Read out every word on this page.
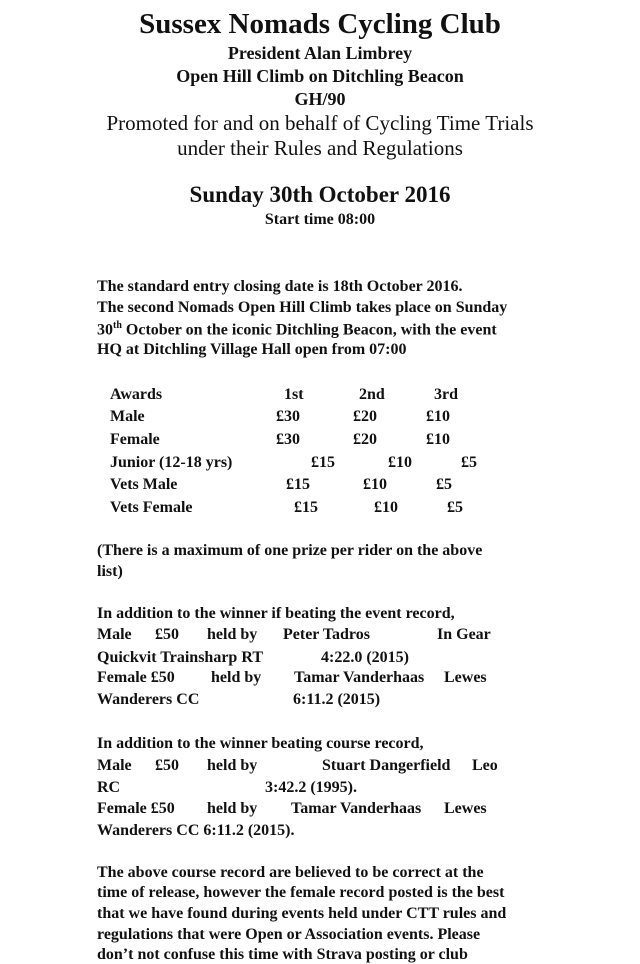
Sussex Nomads Cycling Club
President Alan Limbrey
Open Hill Climb on Ditchling Beacon
GH/90
Promoted for and on behalf of Cycling Time Trials
under their Rules and Regulations
Sunday 30th October 2016
Start time 08:00
The standard entry closing date is 18th October 2016.
The second Nomads Open Hill Climb takes place on Sunday
30th October on the iconic Ditchling Beacon, with the event
HQ at Ditchling Village Hall open from 07:00
Awards	1st	2nd	3rd
Male	£30	£20	£10
Female	£30	£20	£10
Junior (12-18 yrs)	£15	£10	£5
Vets Male	£15	£10	£5
Vets Female	£15	£10	£5
(There is a maximum of one prize per rider on the above
list)
In addition to the winner if beating the event record,
Male £50 held by Peter Tadros	In Gear
Quickvit Trainsharp RT	4:22.0 (2015)
Female £50 held by Tamar Vanderhaas Lewes
Wanderers CC	6:11.2 (2015)
In addition to the winner beating course record,
Male £50 held by	Stuart Dangerfield Leo
RC	3:42.2 (1995).
Female £50 held by Tamar Vanderhaas Lewes
Wanderers CC 6:11.2 (2015).
The above course record are believed to be correct at the
time of release, however the female record posted is the best
that we have found during events held under CTT rules and
regulations that were Open or Association events. Please
don’t not confuse this time with Strava posting or club
